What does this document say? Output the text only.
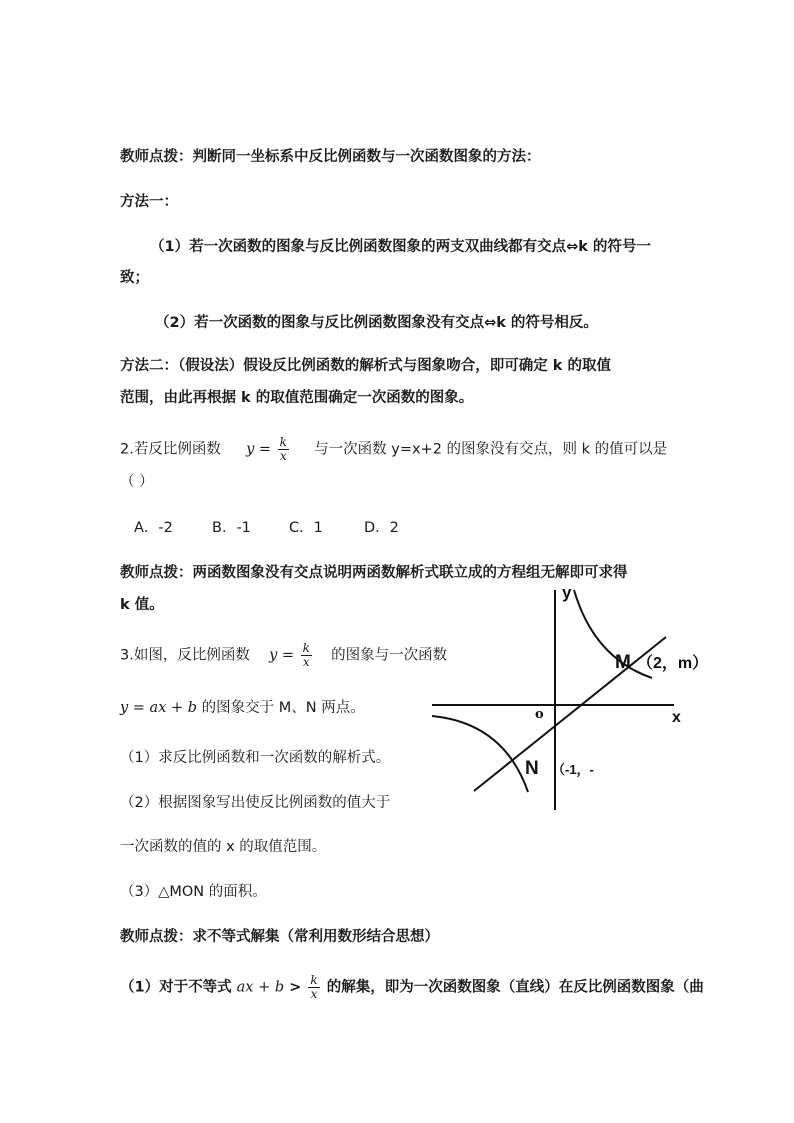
教师点拨：判断同一坐标系中反比例函数与一次函数图象的方法：
方法一：
（1）若一次函数的图象与反比例函数图象的两支双曲线都有交点⇔k 的符号一
致；
（2）若一次函数的图象与反比例函数图象没有交点⇔k 的符号相反。
方法二：（假设法）假设反比例函数的解析式与图象吻合，即可确定 k 的取值
范围，由此再根据 k 的取值范围确定一次函数的图象。
2.若反比例函数 $y = \frac{k}{x}$ 与一次函数 y=x+2 的图象没有交点，则 k 的值可以是
（ ）
A．-2	B．-1	C．1	D．2
教师点拨：两函数图象没有交点说明两函数解析式联立成的方程组无解即可求得
k 值。
3.如图，反比例函数 $y = \frac{k}{x}$ 的图象与一次函数
y = ax + b 的图象交于 M、N 两点。
（1）求反比例函数和一次函数的解析式。
（2）根据图象写出使反比例函数的值大于
一次函数的值的 x 的取值范围。
（3）△MON 的面积。
y
x
o
M （2，m）
N （-1，-
教师点拨：求不等式解集（常利用数形结合思想）
（1）对于不等式 ax + $b > \frac{k}{x}$ 的解集，即为一次函数图象（直线）在反比例函数图象（曲
